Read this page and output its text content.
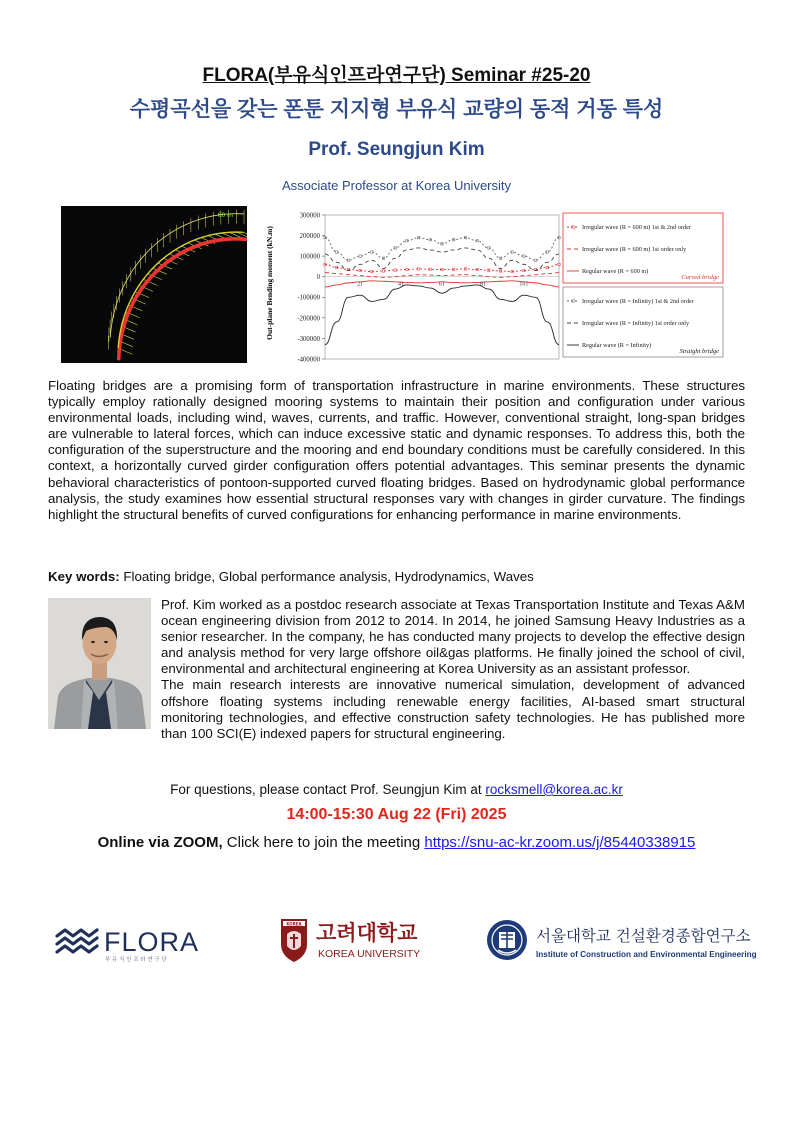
FLORA(부유식인프라연구단) Seminar #25-20
수평곡선을 갖는 폰툰 지지형 부유식 교량의 동적 거동 특성
Prof. Seungjun Kim
Associate Professor at Korea University
60 m	300000
200000
100000
0
-100000
-200000
-300000
-400000
21	41	61	81	101
Irregular wave (R = 600 m) 1st & 2nd order
Irregular wave (R = 600 m) 1st order only
Regular wave (R = 600 m)
Curved bridge
Irregular wave (R = Infinity) 1st & 2nd order
Irregular wave (R = Infinity) 1st order only
Regular wave (R = Infinity)
Straight bridge
Out-plane Bending moment (kN.m)

Floating bridges are a promising form of transportation infrastructure in marine environments. These structures typically employ rationally designed mooring systems to maintain their position and configuration under various environmental loads, including wind, waves, currents, and traffic. However, conventional straight, long-span bridges are vulnerable to lateral forces, which can induce excessive static and dynamic responses. To address this, both the configuration of the superstructure and the mooring and end boundary conditions must be carefully considered. In this context, a horizontally curved girder configuration offers potential advantages. This seminar presents the dynamic behavioral characteristics of pontoon-supported curved floating bridges. Based on hydrodynamic global performance analysis, the study examines how essential structural responses vary with changes in girder curvature. The findings highlight the structural benefits of curved configurations for enhancing performance in marine environments.

Key words: Floating bridge, Global performance analysis, Hydrodynamics, Waves

Prof. Kim worked as a postdoc research associate at Texas Transportation Institute and Texas A&M ocean engineering division from 2012 to 2014. In 2014, he joined Samsung Heavy Industries as a senior researcher. In the company, he has conducted many projects to develop the effective design and analysis method for very large offshore oil&gas platforms. He finally joined the school of civil, environmental and architectural engineering at Korea University as an assistant professor.

The main research interests are innovative numerical simulation, development of advanced offshore floating systems including renewable energy facilities, AI-based smart structural monitoring technologies, and effective construction safety technologies. He has published more than 100 SCI(E) indexed papers for structural engineering.

For questions, please contact Prof. Seungjun Kim at rocksmell@korea.ac.kr
14:00-15:30 Aug 22 (Fri) 2025
Online via ZOOM, Click here to join the meeting https://snu-ac-kr.zoom.us/j/85440338915
FLORA
부 유 식 인 프 라 연 구 단
KOREA 고려대학교
KOREA UNIVERSITY
서울대학교 건설환경종합연구소
Institute of Construction and Environmental Engineering
